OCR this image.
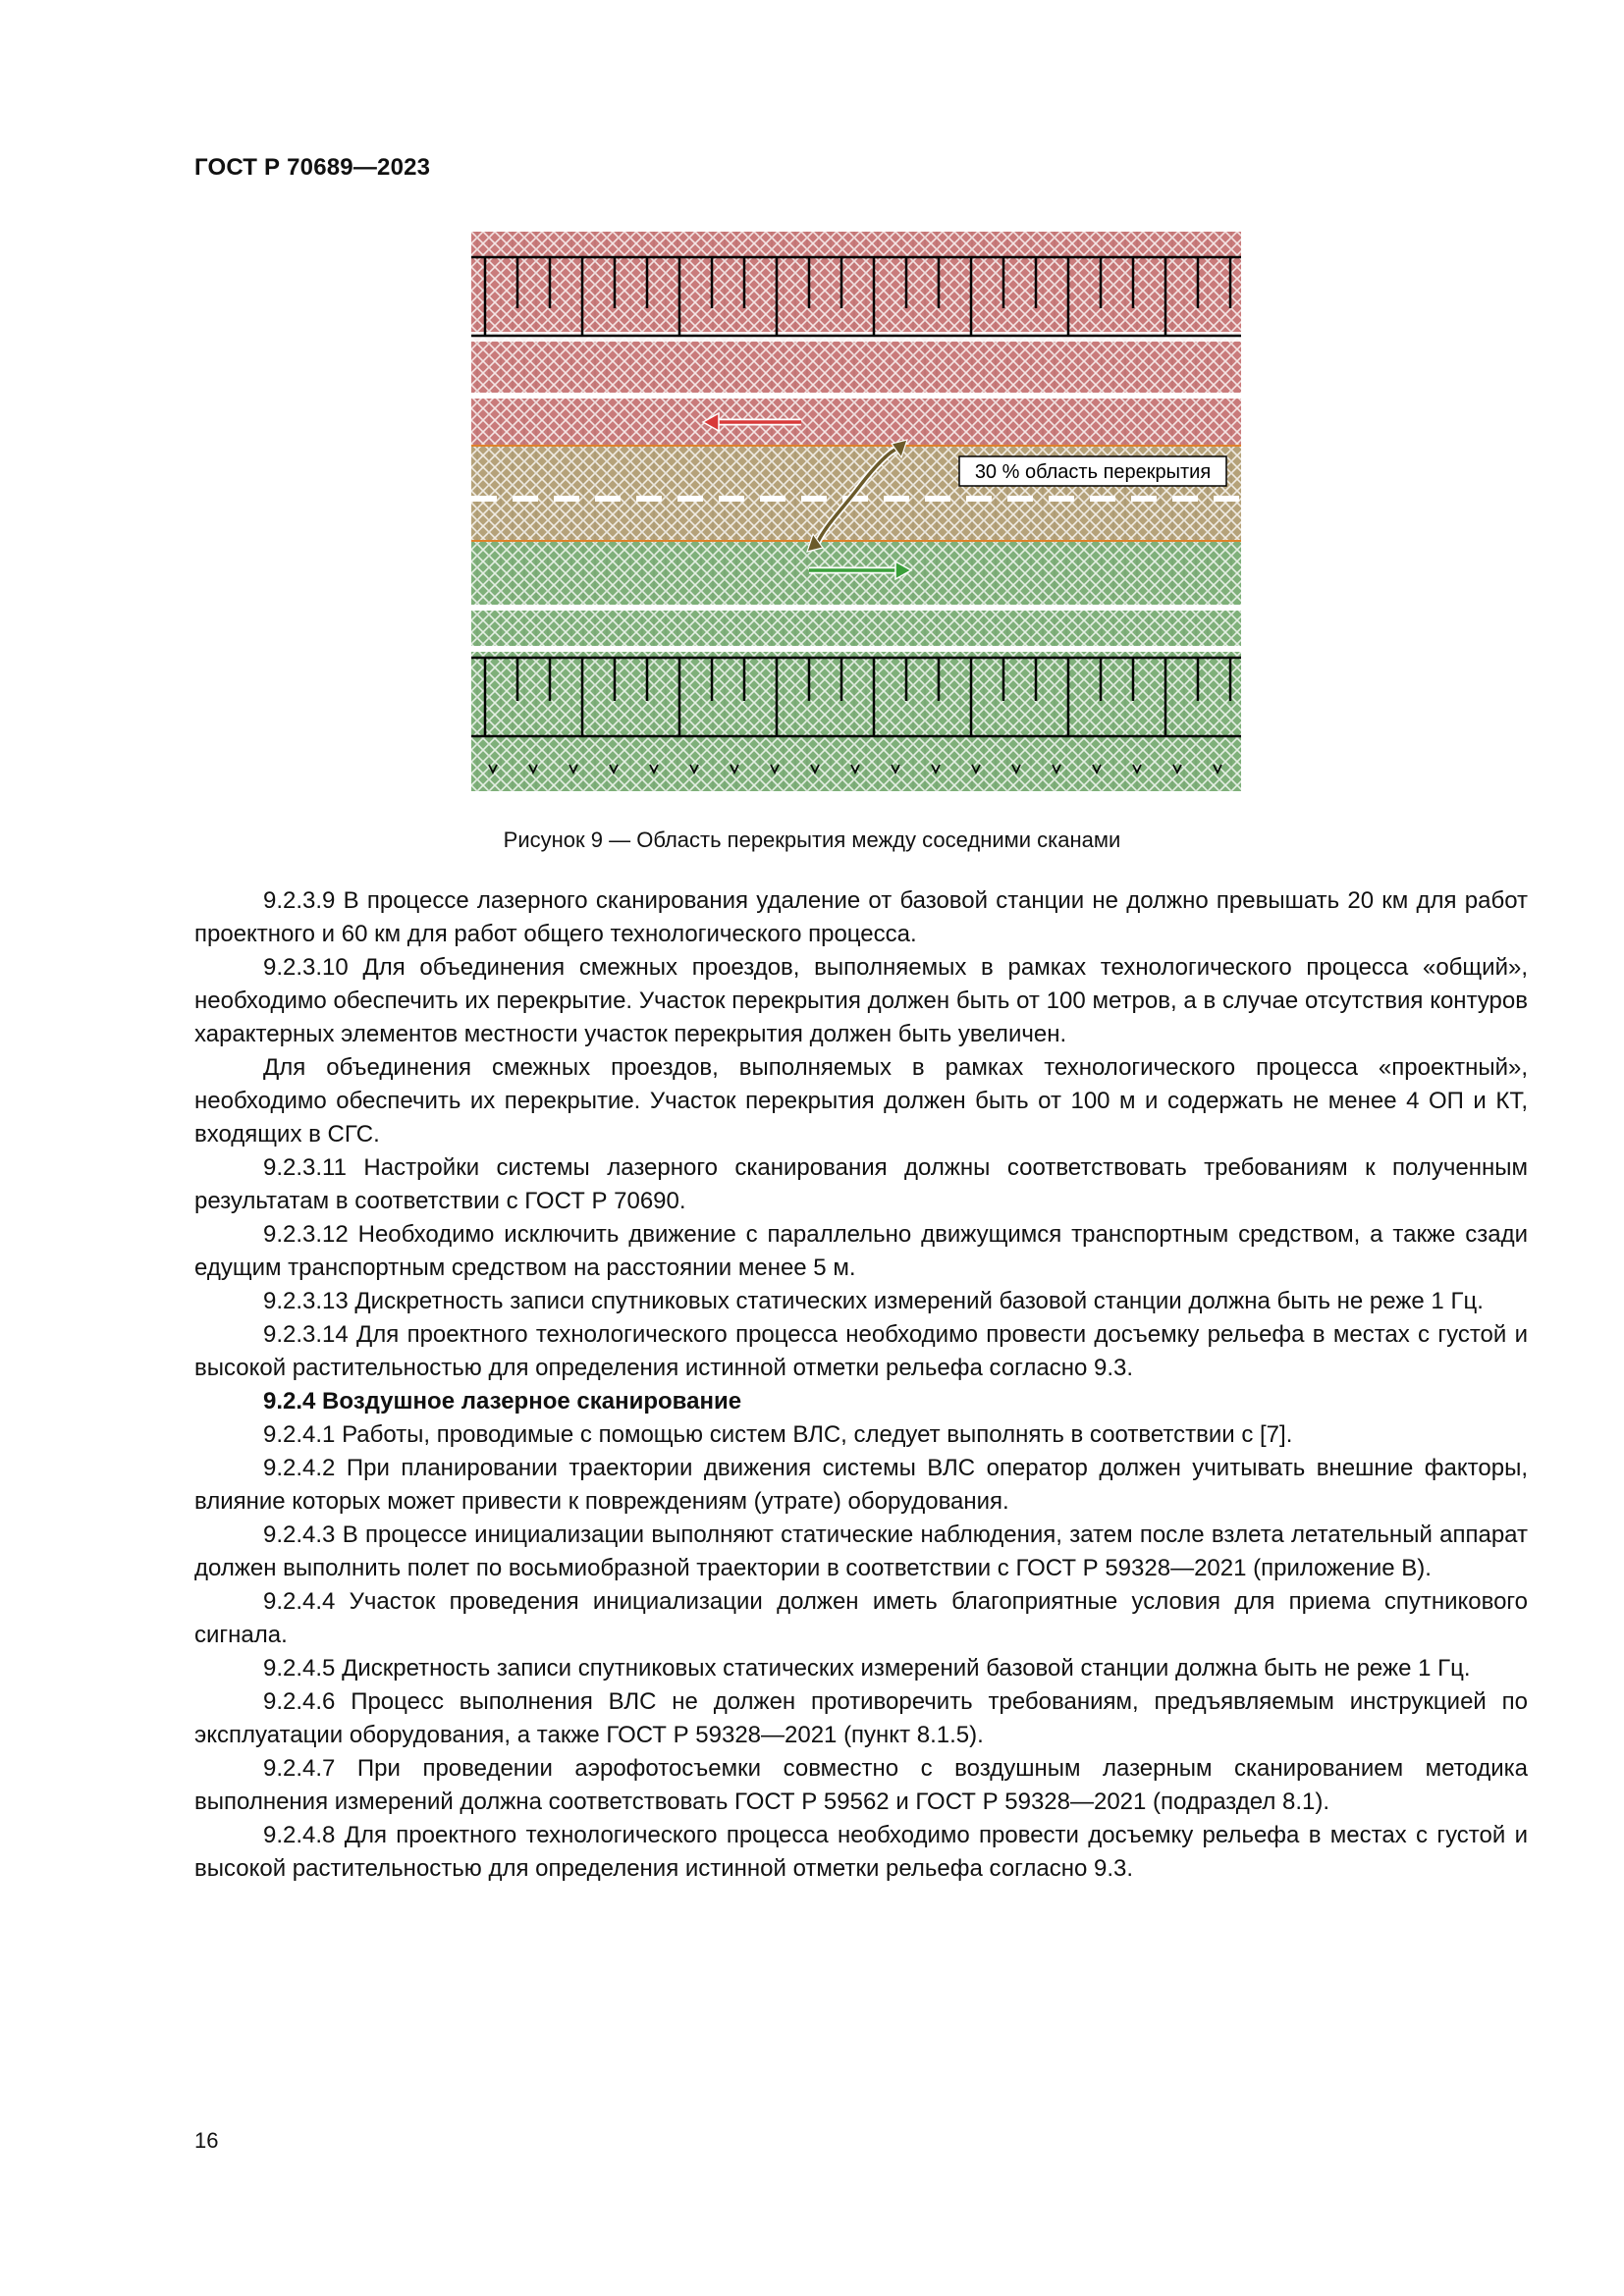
ГОСТ Р 70689—2023
30 % область перекрытия
Рисунок 9 — Область перекрытия между соседними сканами

9.2.3.9 В процессе лазерного сканирования удаление от базовой станции не должно превышать 20 км для работ проектного и 60 км для работ общего технологического процесса.

9.2.3.10 Для объединения смежных проездов, выполняемых в рамках технологического процесса «общий», необходимо обеспечить их перекрытие. Участок перекрытия должен быть от 100 метров, а в случае отсутствия контуров характерных элементов местности участок перекрытия должен быть увеличен.

Для объединения смежных проездов, выполняемых в рамках технологического процесса «проектный», необходимо обеспечить их перекрытие. Участок перекрытия должен быть от 100 м и содержать не менее 4 ОП и КТ, входящих в СГС.

9.2.3.11 Настройки системы лазерного сканирования должны соответствовать требованиям к полученным результатам в соответствии с ГОСТ Р 70690.

9.2.3.12 Необходимо исключить движение с параллельно движущимся транспортным средством, а также сзади едущим транспортным средством на расстоянии менее 5 м.

9.2.3.13 Дискретность записи спутниковых статических измерений базовой станции должна быть не реже 1 Гц.

9.2.3.14 Для проектного технологического процесса необходимо провести досъемку рельефа в местах с густой и высокой растительностью для определения истинной отметки рельефа согласно 9.3.

9.2.4 Воздушное лазерное сканирование

9.2.4.1 Работы, проводимые с помощью систем ВЛС, следует выполнять в соответствии с [7].

9.2.4.2 При планировании траектории движения системы ВЛС оператор должен учитывать внешние факторы, влияние которых может привести к повреждениям (утрате) оборудования.

9.2.4.3 В процессе инициализации выполняют статические наблюдения, затем после взлета летательный аппарат должен выполнить полет по восьмиобразной траектории в соответствии с ГОСТ Р 59328—2021 (приложение В).

9.2.4.4 Участок проведения инициализации должен иметь благоприятные условия для приема спутникового сигнала.

9.2.4.5 Дискретность записи спутниковых статических измерений базовой станции должна быть не реже 1 Гц.

9.2.4.6 Процесс выполнения ВЛС не должен противоречить требованиям, предъявляемым инструкцией по эксплуатации оборудования, а также ГОСТ Р 59328—2021 (пункт 8.1.5).

9.2.4.7 При проведении аэрофотосъемки совместно с воздушным лазерным сканированием методика выполнения измерений должна соответствовать ГОСТ Р 59562 и ГОСТ Р 59328—2021 (подраздел 8.1).

9.2.4.8 Для проектного технологического процесса необходимо провести досъемку рельефа в местах с густой и высокой растительностью для определения истинной отметки рельефа согласно 9.3.

16
